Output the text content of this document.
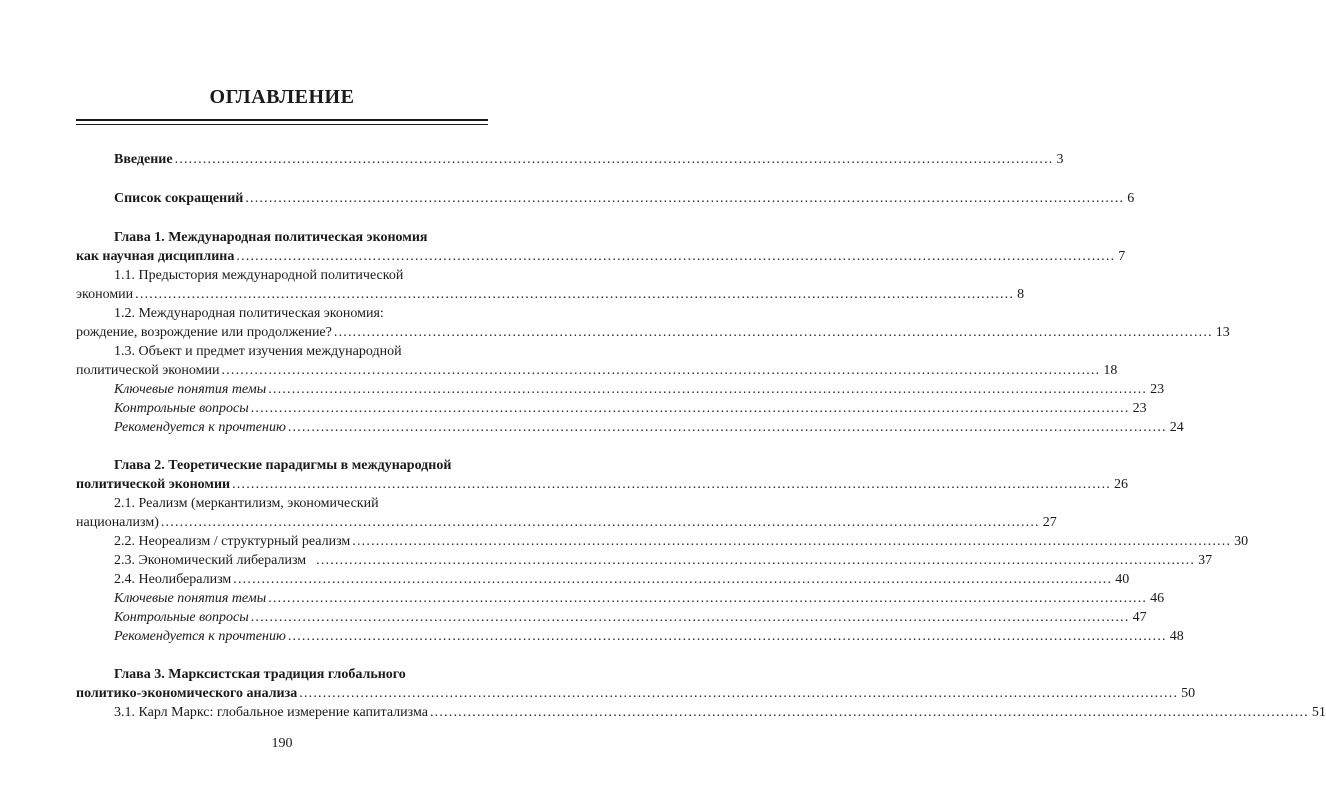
ОГЛАВЛЕНИЕ
Введение ........................................................................................................................................................................................... 3
Список сокращений ........................................................................................................................................................................................... 6
Глава 1. Международная политическая экономия
как научная дисциплина ........................................................................................................................................................................................... 7
1.1. Предыстория международной политической
экономии ........................................................................................................................................................................................... 8
1.2. Международная политическая экономия:
рождение, возрождение или продолжение? ........................................................................................................................................................................................... 13
1.3. Объект и предмет изучения международной
политической экономии ........................................................................................................................................................................................... 18
Ключевые понятия темы ........................................................................................................................................................................................... 23
Контрольные вопросы ........................................................................................................................................................................................... 23
Рекомендуется к прочтению ........................................................................................................................................................................................... 24
Глава 2. Теоретические парадигмы в международной
политической экономии ........................................................................................................................................................................................... 26
2.1. Реализм (меркантилизм, экономический
национализм) ........................................................................................................................................................................................... 27
2.2. Неореализм / структурный реализм ........................................................................................................................................................................................... 30
2.3. Экономический либерализм ........................................................................................................................................................................................... 37
2.4. Неолиберализм ........................................................................................................................................................................................... 40
Ключевые понятия темы ........................................................................................................................................................................................... 46
Контрольные вопросы ........................................................................................................................................................................................... 47
Рекомендуется к прочтению ........................................................................................................................................................................................... 48
Глава 3. Марксистская традиция глобального
политико-экономического анализа ........................................................................................................................................................................................... 50
3.1. Карл Маркс: глобальное измерение капитализма ........................................................................................................................................................................................... 51
190
